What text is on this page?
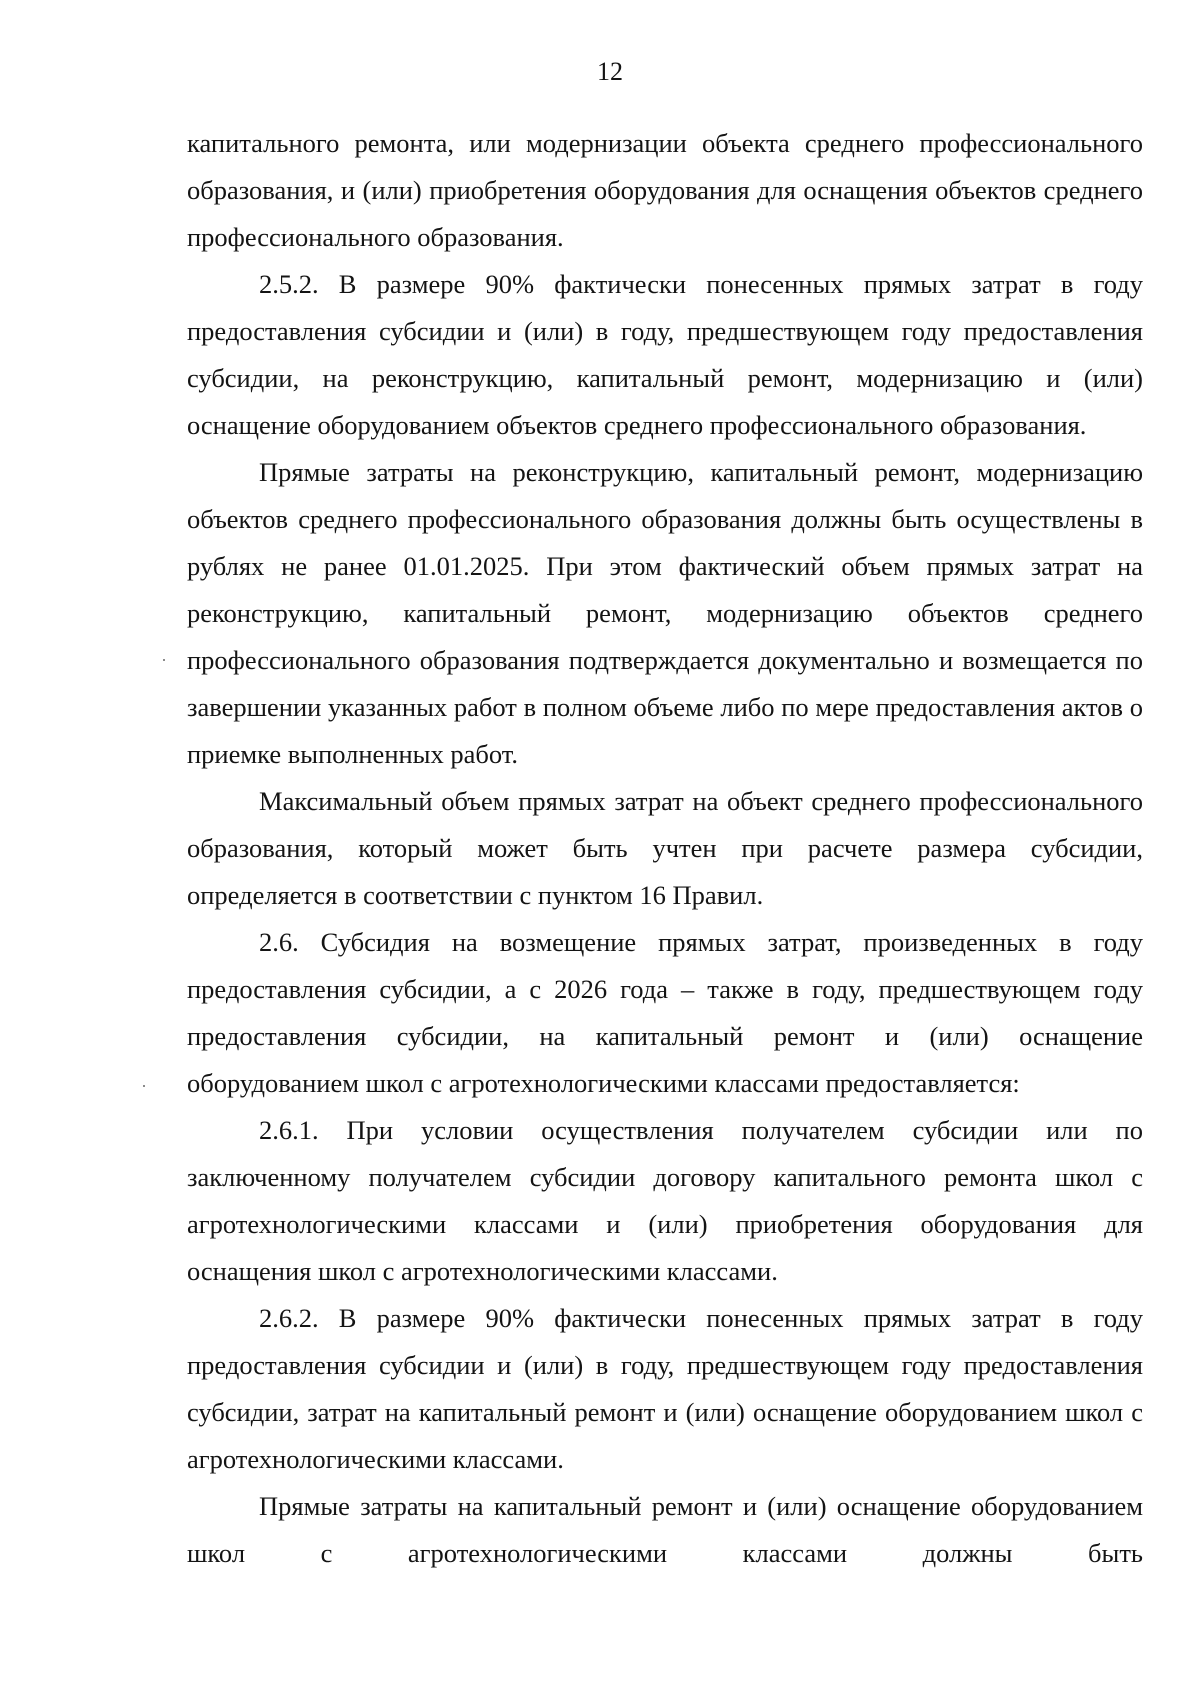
12

капитального ремонта, или модернизации объекта среднего профессионального образования, и (или) приобретения оборудования для оснащения объектов среднего профессионального образования.

2.5.2. В размере 90% фактически понесенных прямых затрат в году предоставления субсидии и (или) в году, предшествующем году предоставления субсидии, на реконструкцию, капитальный ремонт, модернизацию и (или) оснащение оборудованием объектов среднего профессионального образования.

Прямые затраты на реконструкцию, капитальный ремонт, модернизацию объектов среднего профессионального образования должны быть осуществлены в рублях не ранее 01.01.2025. При этом фактический объем прямых затрат на реконструкцию, капитальный ремонт, модернизацию объектов среднего профессионального образования подтверждается документально и возмещается по завершении указанных работ в полном объеме либо по мере предоставления актов о приемке выполненных работ.

Максимальный объем прямых затрат на объект среднего профессионального образования, который может быть учтен при расчете размера субсидии, определяется в соответствии с пунктом 16 Правил.

2.6. Субсидия на возмещение прямых затрат, произведенных в году предоставления субсидии, а с 2026 года – также в году, предшествующем году предоставления субсидии, на капитальный ремонт и (или) оснащение оборудованием школ с агротехнологическими классами предоставляется:

2.6.1. При условии осуществления получателем субсидии или по заключенному получателем субсидии договору капитального ремонта школ с агротехнологическими классами и (или) приобретения оборудования для оснащения школ с агротехнологическими классами.

2.6.2. В размере 90% фактически понесенных прямых затрат в году предоставления субсидии и (или) в году, предшествующем году предоставления субсидии, затрат на капитальный ремонт и (или) оснащение оборудованием школ с агротехнологическими классами.

Прямые затраты на капитальный ремонт и (или) оснащение оборудованием школ с агротехнологическими классами должны быть
